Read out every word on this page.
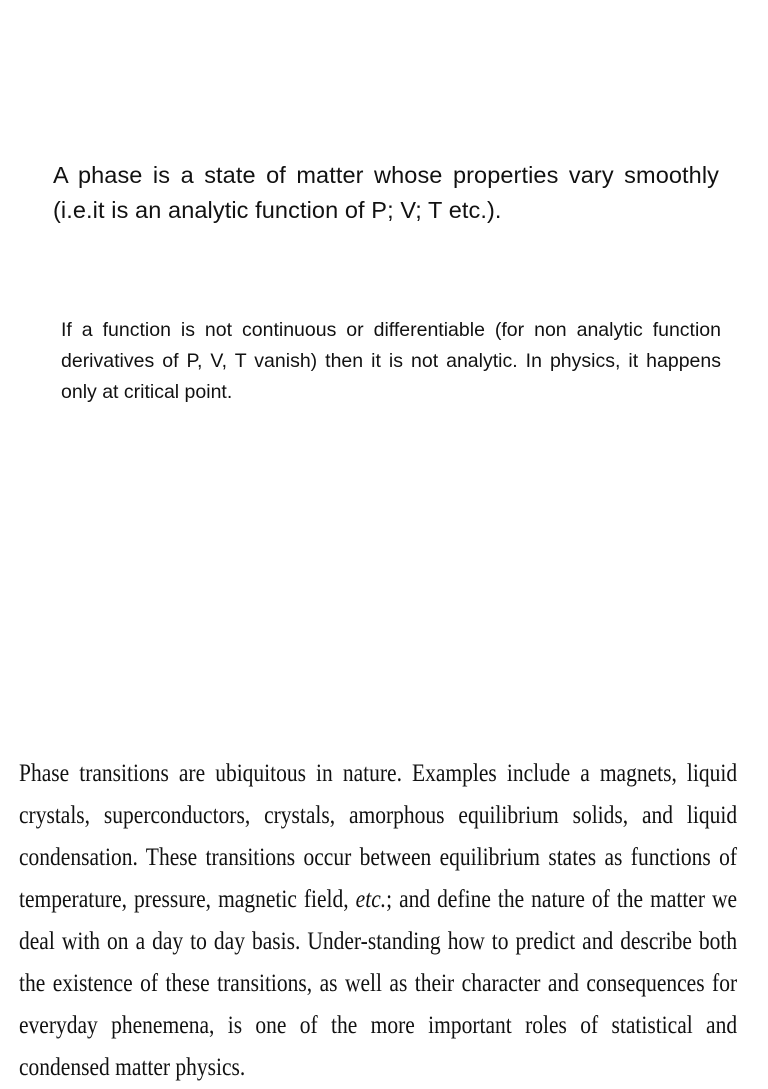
A phase is a state of matter whose properties vary smoothly (i.e.it is an analytic function of P; V; T etc.).

If a function is not continuous or differentiable (for non analytic function derivatives of P, V, T vanish) then it is not analytic. In physics, it happens only at critical point.

Phase transitions are ubiquitous in nature. Examples include a magnets, liquid crystals, superconductors, crystals, amorphous equilibrium solids, and liquid condensation. These transitions occur between equilibrium states as functions of temperature, pressure, magnetic field, etc.; and define the nature of the matter we deal with on a day to day basis. Under-standing how to predict and describe both the existence of these transitions, as well as their character and consequences for everyday phenemena, is one of the more important roles of statistical and condensed matter physics.
